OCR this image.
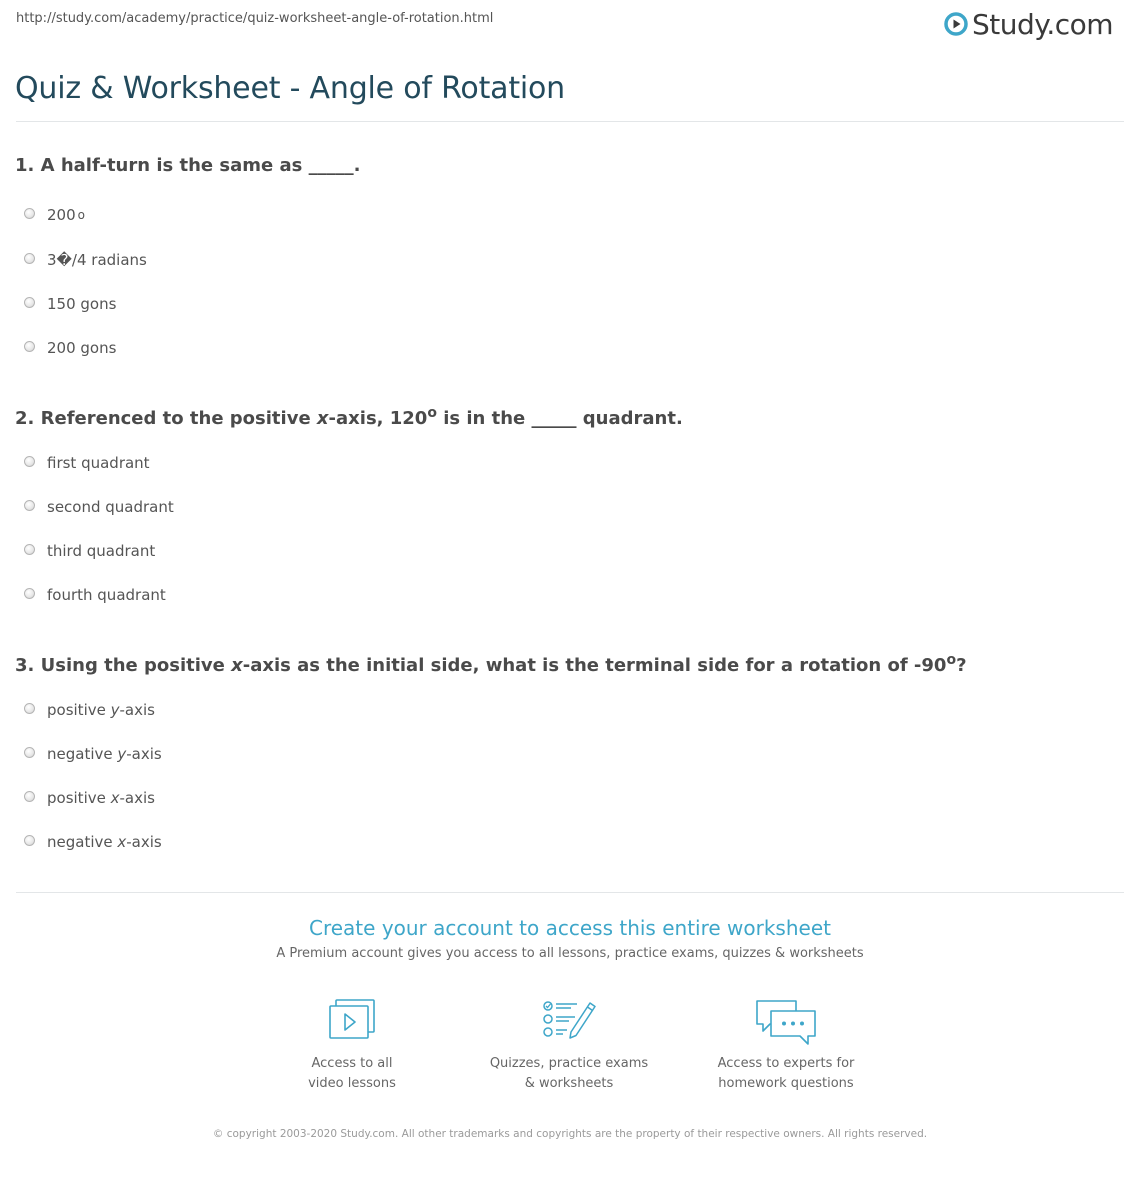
http://study.com/academy/practice/quiz-worksheet-angle-of-rotation.html	Study.com
Quiz & Worksheet - Angle of Rotation
1. A half-turn is the same as _____.
200 o
3�/4 radians
150 gons
200 gons
2. Referenced to the positive x-axis, 120$^o$ is in the _____ quadrant.
first quadrant
second quadrant
third quadrant
fourth quadrant
3. Using the positive x-axis as the initial side, what is the terminal side for a rotation of -90$^o$?
positive y -axis
negative y -axis
positive x -axis
negative x -axis
Create your account to access this entire worksheet
A Premium account gives you access to all lessons, practice exams, quizzes & worksheets
Access to all
video lessons
Quizzes, practice exams
& worksheets
Access to experts for
homework questions
© copyright 2003-2020 Study.com. All other trademarks and copyrights are the property of their respective owners. All rights reserved.
